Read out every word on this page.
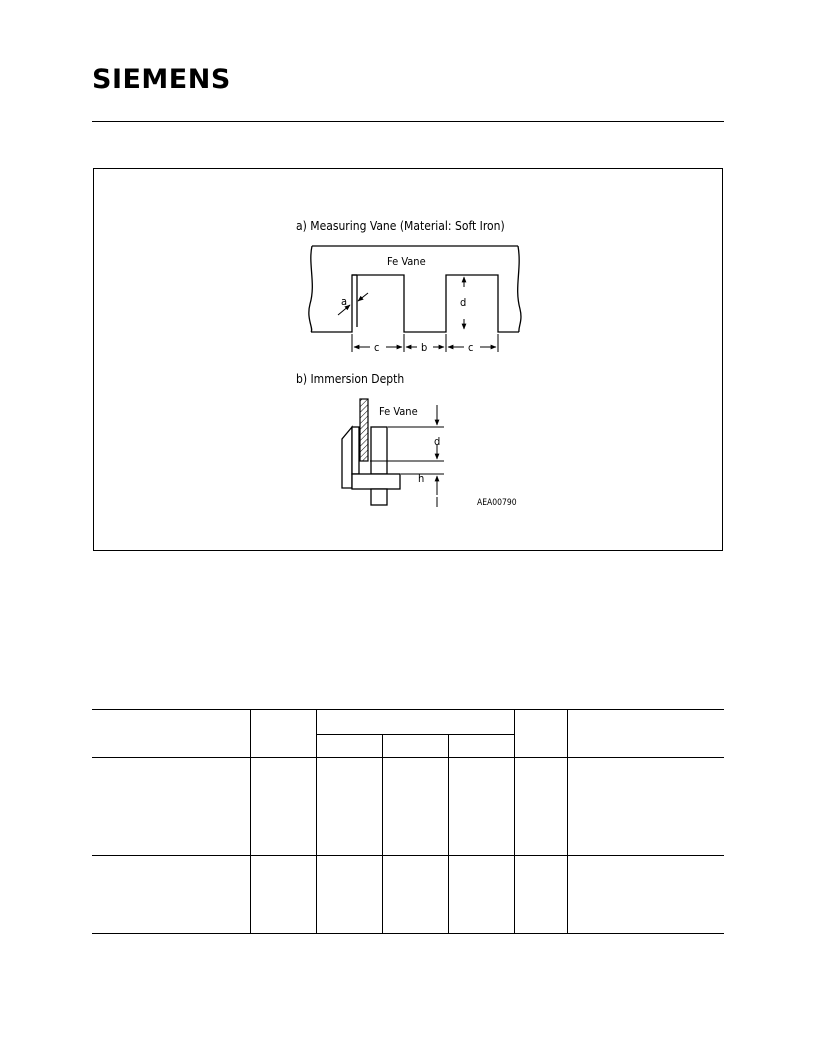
SIEMENS
a) Measuring Vane (Material: Soft Iron)
Fe Vane
a	d
c	b	c
b) Immersion Depth
Fe Vane
d
h
AEA00790
